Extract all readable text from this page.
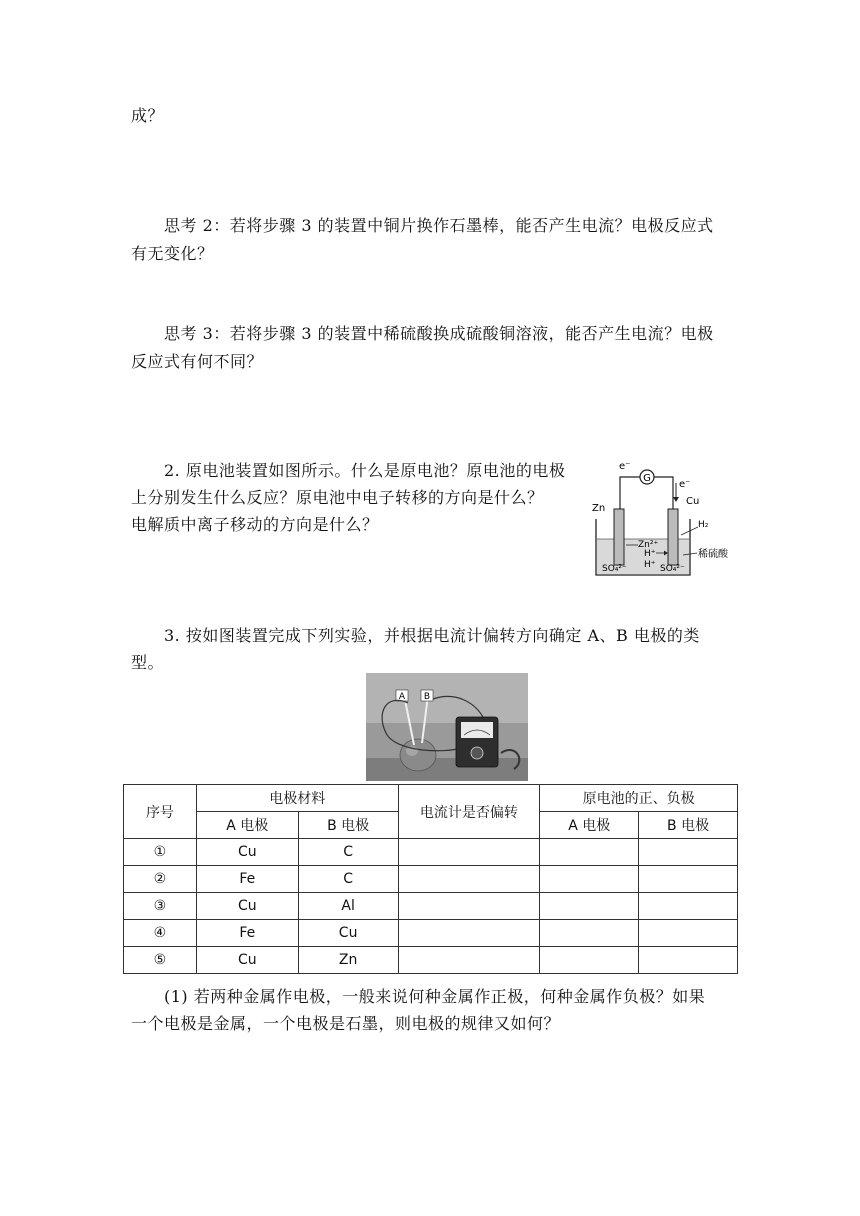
成？
思考 2：若将步骤 3 的装置中铜片换作石墨棒，能否产生电流？电极反应式
有无变化？
思考 3：若将步骤 3 的装置中稀硫酸换成硫酸铜溶液，能否产生电流？电极
反应式有何不同？
2. 原电池装置如图所示。什么是原电池？原电池的电极
上分别发生什么反应？原电池中电子转移的方向是什么？
电解质中离子移动的方向是什么？
G
e⁻
e⁻
Zn
Cu
H₂
Zn²⁺
H⁺
H⁺
SO₄²⁻	SO₄²⁻
稀硫酸
3. 按如图装置完成下列实验，并根据电流计偏转方向确定 A、B 电极的类
型。
A B
序号	电极材料		电流计是否偏转	原电池的正、负极	
	A 电极	B 电极		A 电极	B 电极
①	Cu	C			
②	Fe	C			
③	Cu	Al			
④	Fe	Cu			
⑤	Cu	Zn			
(1) 若两种金属作电极，一般来说何种金属作正极，何种金属作负极？如果
一个电极是金属，一个电极是石墨，则电极的规律又如何？
